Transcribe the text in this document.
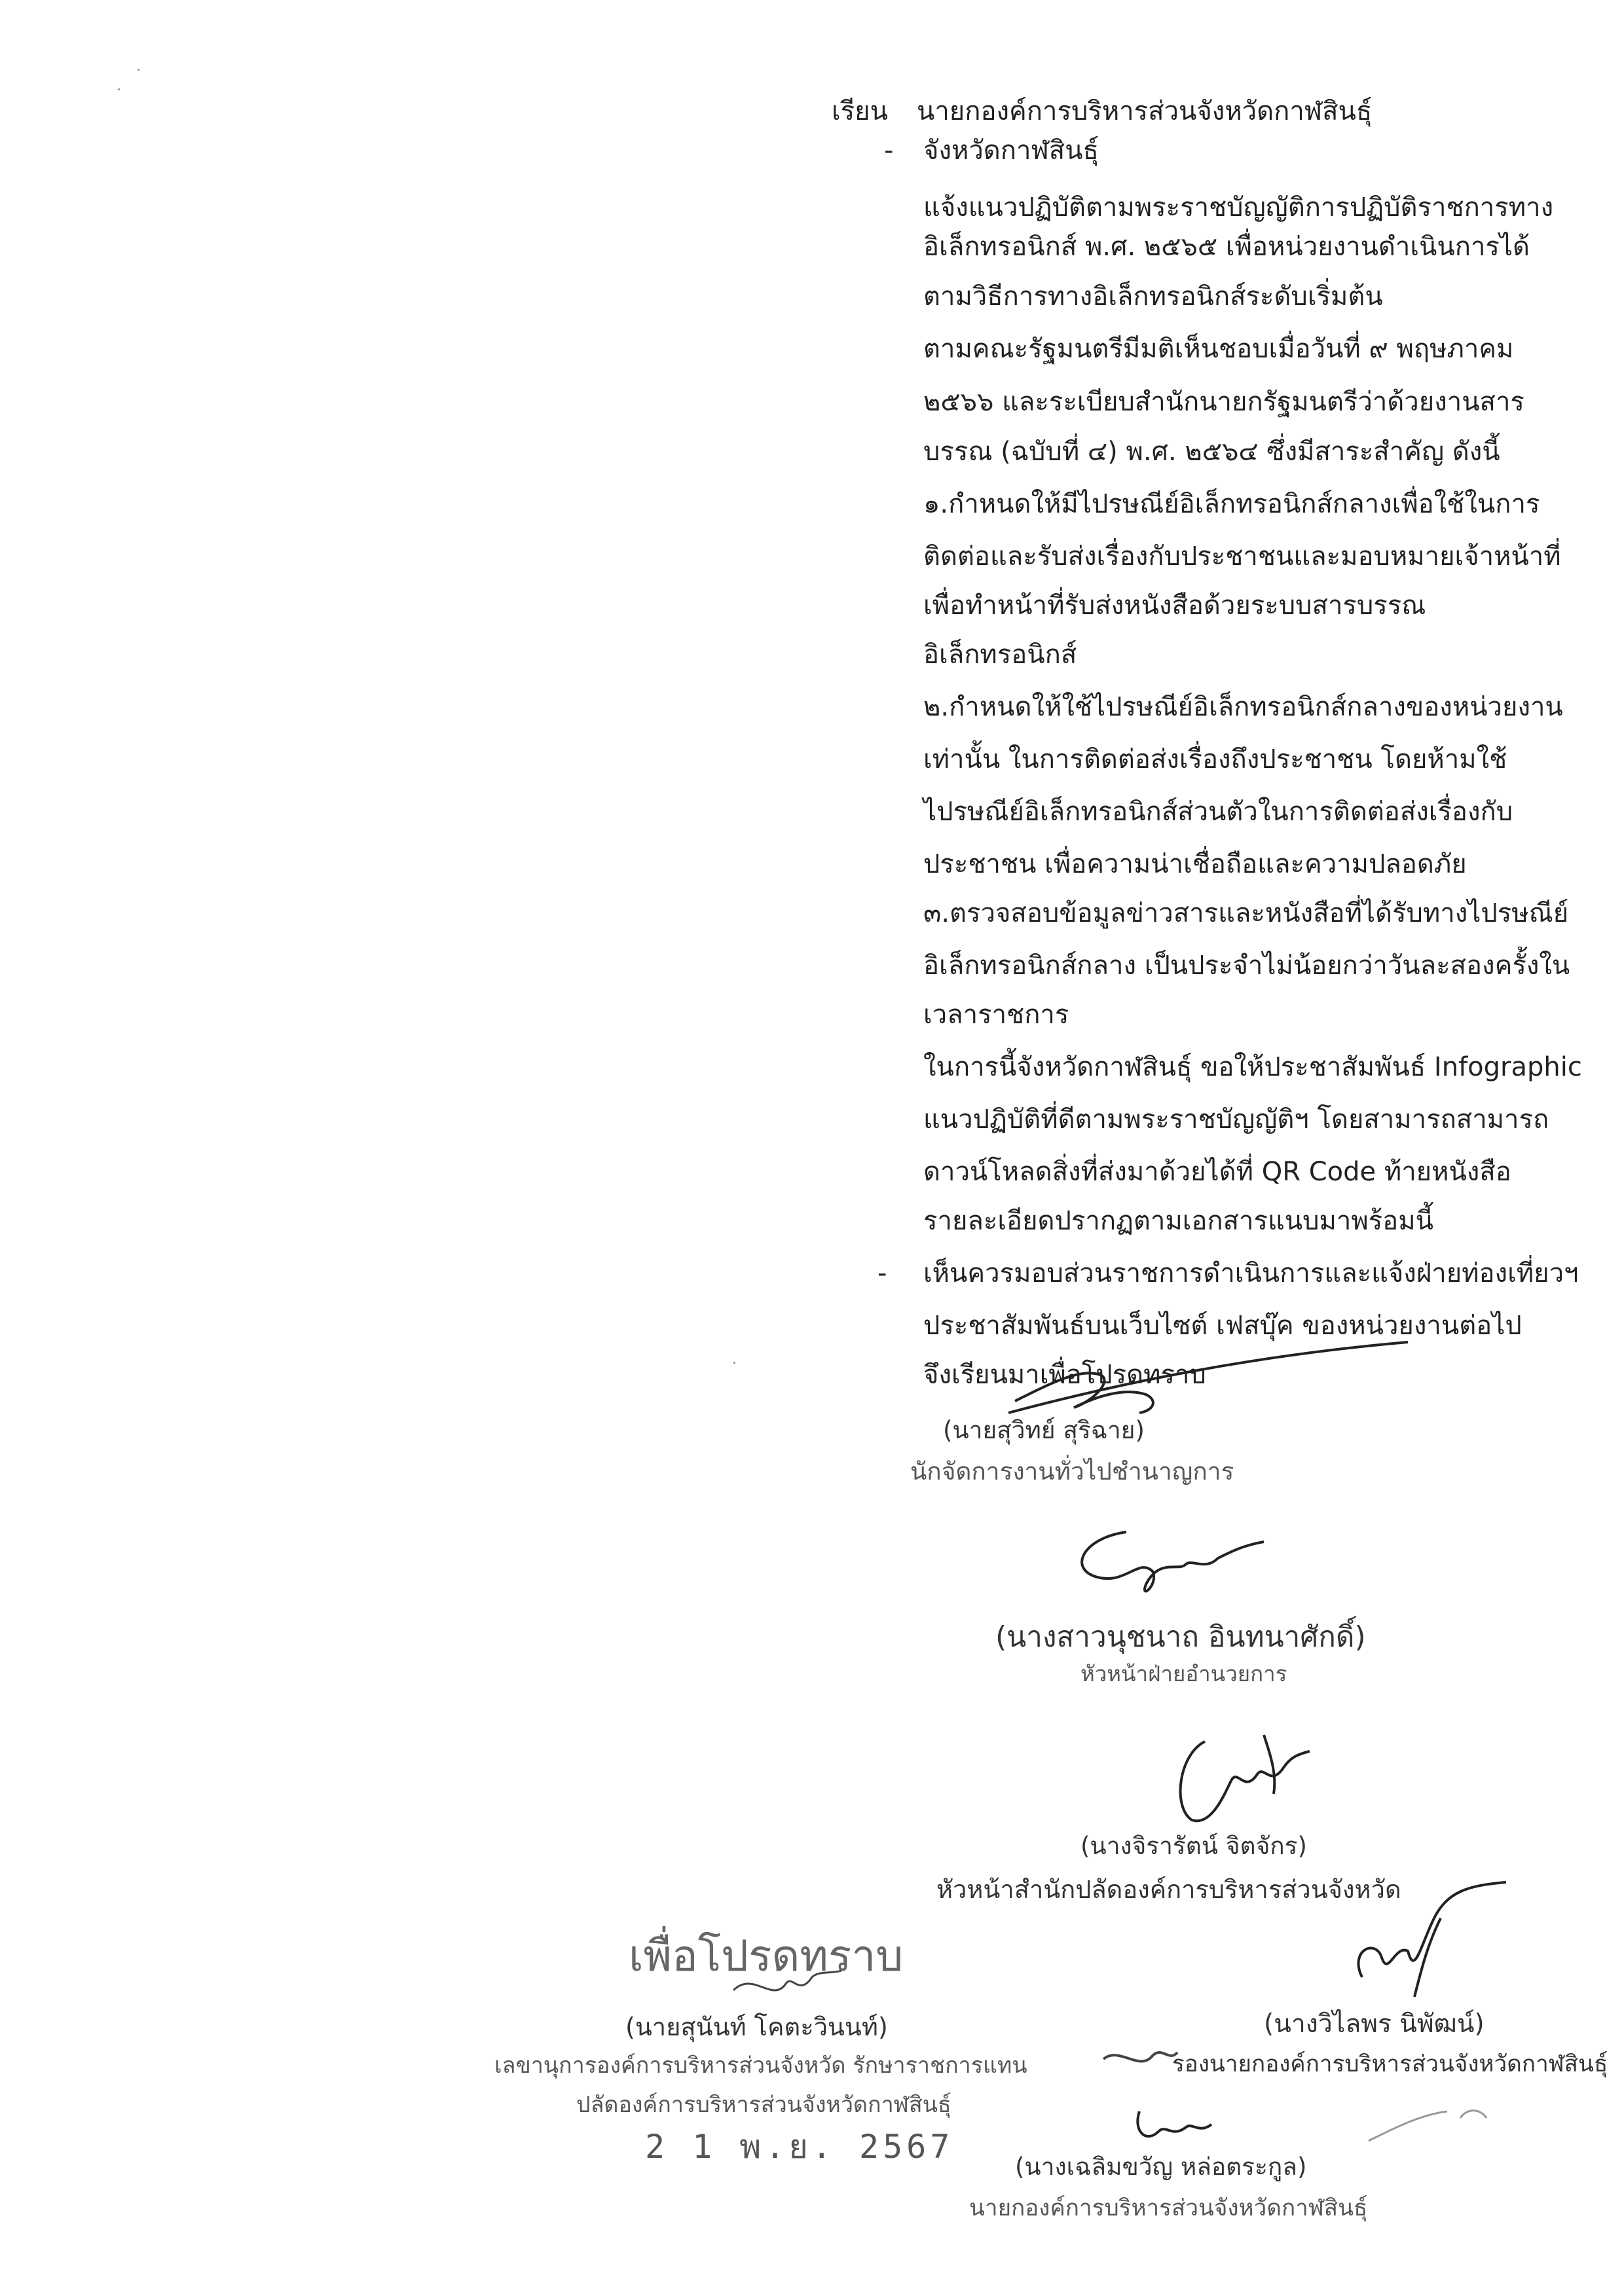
เรียน นายกองค์การบริหารส่วนจังหวัดกาฬสินธุ์
- จังหวัดกาฬสินธุ์
แจ้งแนวปฏิบัติตามพระราชบัญญัติการปฏิบัติราชการทาง
อิเล็กทรอนิกส์ พ.ศ. ๒๕๖๕ เพื่อหน่วยงานดำเนินการได้
ตามวิธีการทางอิเล็กทรอนิกส์ระดับเริ่มต้น
ตามคณะรัฐมนตรีมีมติเห็นชอบเมื่อวันที่ ๙ พฤษภาคม
๒๕๖๖ และระเบียบสำนักนายกรัฐมนตรีว่าด้วยงานสาร
บรรณ (ฉบับที่ ๔) พ.ศ. ๒๕๖๔ ซึ่งมีสาระสำคัญ ดังนี้
๑.กำหนดให้มีไปรษณีย์อิเล็กทรอนิกส์กลางเพื่อใช้ในการ
ติดต่อและรับส่งเรื่องกับประชาชนและมอบหมายเจ้าหน้าที่
เพื่อทำหน้าที่รับส่งหนังสือด้วยระบบสารบรรณ
อิเล็กทรอนิกส์
๒.กำหนดให้ใช้ไปรษณีย์อิเล็กทรอนิกส์กลางของหน่วยงาน
เท่านั้น ในการติดต่อส่งเรื่องถึงประชาชน โดยห้ามใช้
ไปรษณีย์อิเล็กทรอนิกส์ส่วนตัวในการติดต่อส่งเรื่องกับ
ประชาชน เพื่อความน่าเชื่อถือและความปลอดภัย
๓.ตรวจสอบข้อมูลข่าวสารและหนังสือที่ได้รับทางไปรษณีย์
อิเล็กทรอนิกส์กลาง เป็นประจำไม่น้อยกว่าวันละสองครั้งใน
เวลาราชการ
ในการนี้จังหวัดกาฬสินธุ์ ขอให้ประชาสัมพันธ์ Infographic
แนวปฏิบัติที่ดีตามพระราชบัญญัติฯ โดยสามารถสามารถ
ดาวน์โหลดสิ่งที่ส่งมาด้วยได้ที่ QR Code ท้ายหนังสือ
รายละเอียดปรากฏตามเอกสารแนบมาพร้อมนี้
- เห็นควรมอบส่วนราชการดำเนินการและแจ้งฝ่ายท่องเที่ยวฯ
ประชาสัมพันธ์บนเว็บไซต์ เฟสบุ๊ค ของหน่วยงานต่อไป
จึงเรียนมาเพื่อโปรดทราบ
(นายสุวิทย์ สุริฉาย)
นักจัดการงานทั่วไปชำนาญการ
(นางสาวนุชนาถ อินทนาศักดิ์)
หัวหน้าฝ่ายอำนวยการ
(นางจิรารัตน์ จิตจักร)
หัวหน้าสำนักปลัดองค์การบริหารส่วนจังหวัด
เพื่อโปรดทราบ
(นายสุนันท์ โคตะวินนท์)
เลขานุการองค์การบริหารส่วนจังหวัด รักษาราชการแทน
ปลัดองค์การบริหารส่วนจังหวัดกาฬสินธุ์
2 1 พ.ย. 2567
(นางวิไลพร นิพัฒน์)
รองนายกองค์การบริหารส่วนจังหวัดกาฬสินธุ์
(นางเฉลิมขวัญ หล่อตระกูล)
นายกองค์การบริหารส่วนจังหวัดกาฬสินธุ์
